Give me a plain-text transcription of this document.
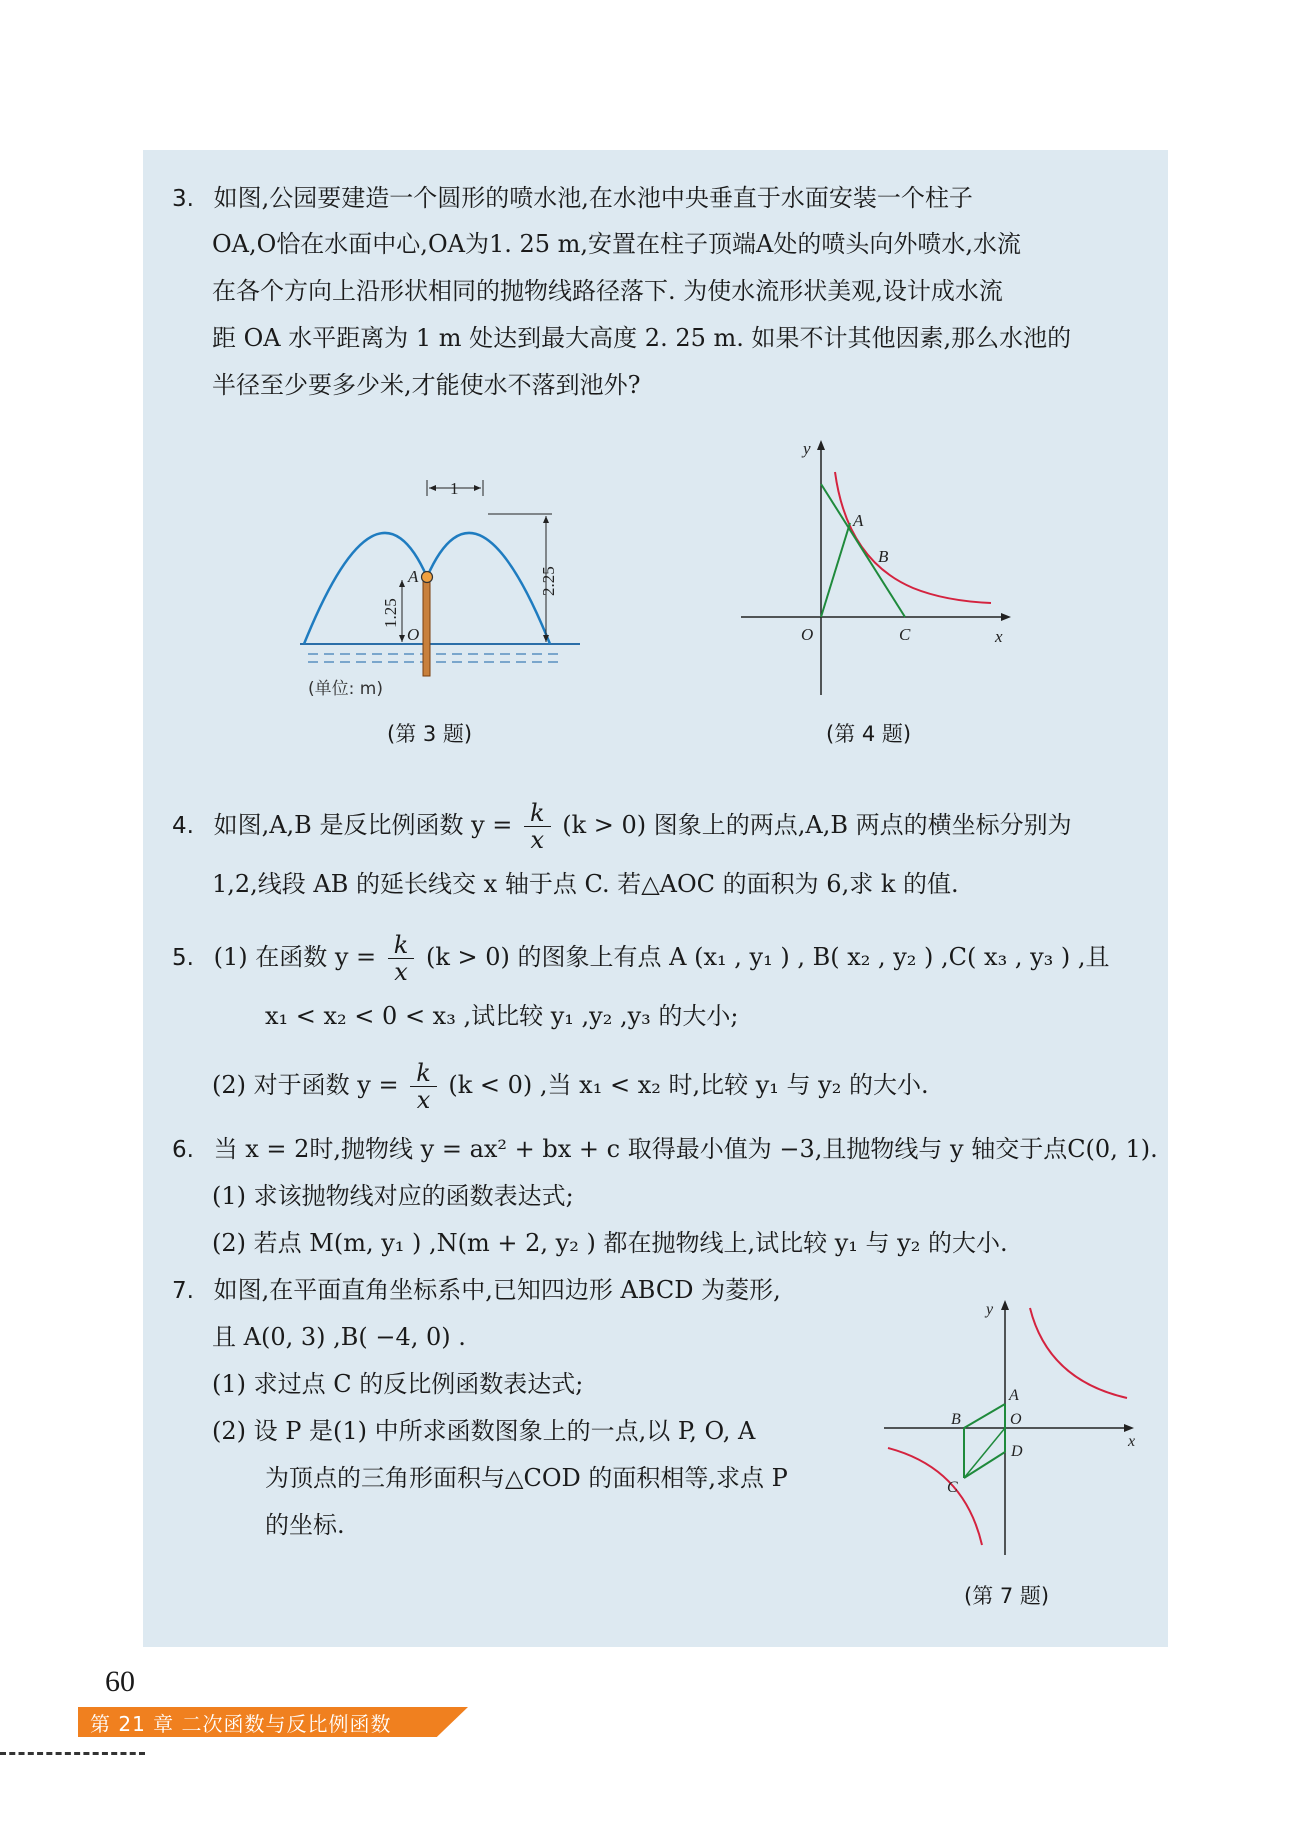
3. 如图,公园要建造一个圆形的喷水池,在水池中央垂直于水面安装一个柱子
OA,O恰在水面中心,OA为1. 25 m,安置在柱子顶端A处的喷头向外喷水,水流
在各个方向上沿形状相同的抛物线路径落下. 为使水流形状美观,设计成水流
距 OA 水平距离为 1 m 处达到最大高度 2. 25 m. 如果不计其他因素,那么水池的
半径至少要多少米,才能使水不落到池外?
1
2.25
1.25
A
O
(单位: m)
(第 3 题)
y
x
O
A
B
C
(第 4 题)
4. 如图,A,B 是反比例函数 $y = \frac{k}{x} (k > 0)$ 图象上的两点,A,B 两点的横坐标分别为
1,2,线段 AB 的延长线交 x 轴于点 C. 若△AOC 的面积为 6,求 k 的值.
5. (1) 在函数 $y = \frac{k}{x} (k > 0)$ 的图象上有点 A (x₁ , y₁ ) , B( x₂ , y₂ ) ,C( x₃ , y₃ ) ,且
x₁ < x₂ < 0 < x₃ ,试比较 y₁ ,y₂ ,y₃ 的大小;
(2) 对于函数 $y = \frac{k}{x} (k < 0)$ ,当 x₁ < x₂ 时,比较 y₁ 与 y₂ 的大小.
6. 当 x = 2时,抛物线 y = ax² + bx + c 取得最小值为 −3,且抛物线与 y 轴交于点C(0, 1).
(1) 求该抛物线对应的函数表达式;
(2) 若点 M(m, y₁ ) ,N(m + 2, y₂ ) 都在抛物线上,试比较 y₁ 与 y₂ 的大小.
7. 如图,在平面直角坐标系中,已知四边形 ABCD 为菱形,
且 A(0, 3) ,B( −4, 0) .
(1) 求过点 C 的反比例函数表达式;
(2) 设 P 是(1) 中所求函数图象上的一点,以 P, O, A
为顶点的三角形面积与△COD 的面积相等,求点 P
的坐标.
y
x
A
B	O
D
C
(第 7 题)
60
第 21 章 二次函数与反比例函数
